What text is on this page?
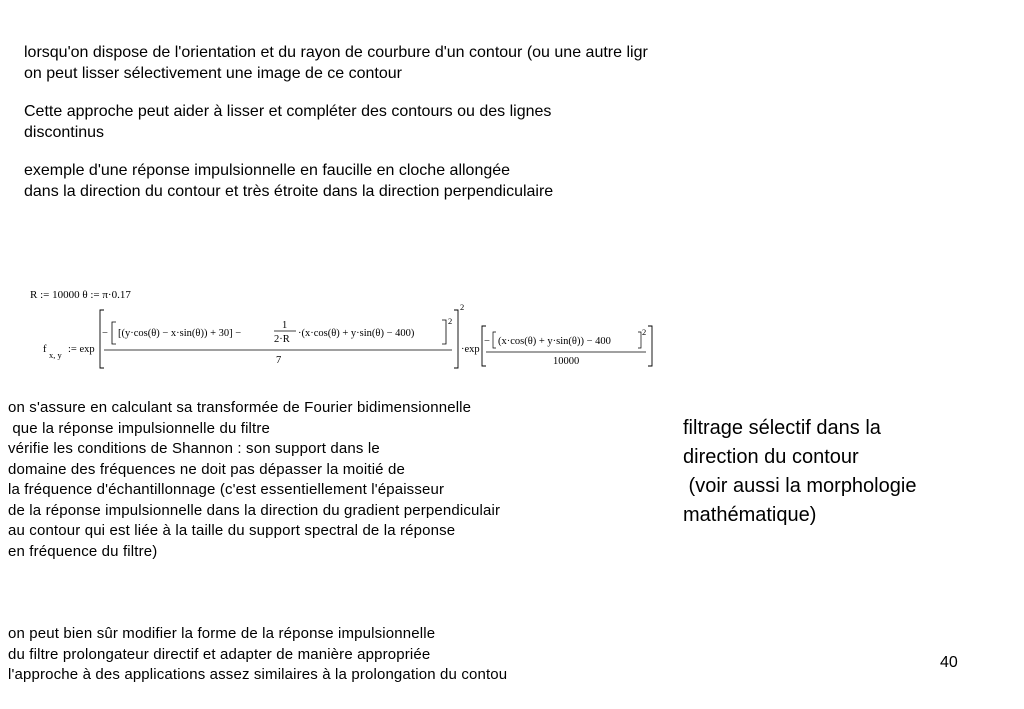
lorsqu'on dispose de l'orientation et du rayon de courbure d'un contour (ou une autre ligr
on peut lisser sélectivement une image de ce contour
Cette approche peut aider à lisser et compléter des contours ou des lignes
discontinus
exemple d'une réponse impulsionnelle en faucille en cloche allongée
dans la direction du contour et très étroite dans la direction perpendiculaire
R := 10000 θ := π·0.17
f x, y := exp
−
2
[(y·cos(θ) − x·sin(θ)) + 30] −
1
2·R
·(x·cos(θ) + y·sin(θ) − 400)
7
2
·exp
− (x·cos(θ) + y·sin(θ)) − 400
2
10000
on s'assure en calculant sa transformée de Fourier bidimensionnelle
que la réponse impulsionnelle du filtre
vérifie les conditions de Shannon : son support dans le
domaine des fréquences ne doit pas dépasser la moitié de
la fréquence d'échantillonnage (c'est essentiellement l'épaisseur
de la réponse impulsionnelle dans la direction du gradient perpendiculair
au contour qui est liée à la taille du support spectral de la réponse
en fréquence du filtre)
filtrage sélectif dans la
direction du contour
(voir aussi la morphologie
mathématique)
on peut bien sûr modifier la forme de la réponse impulsionnelle
du filtre prolongateur directif et adapter de manière appropriée
l'approche à des applications assez similaires à la prolongation du contou
40
